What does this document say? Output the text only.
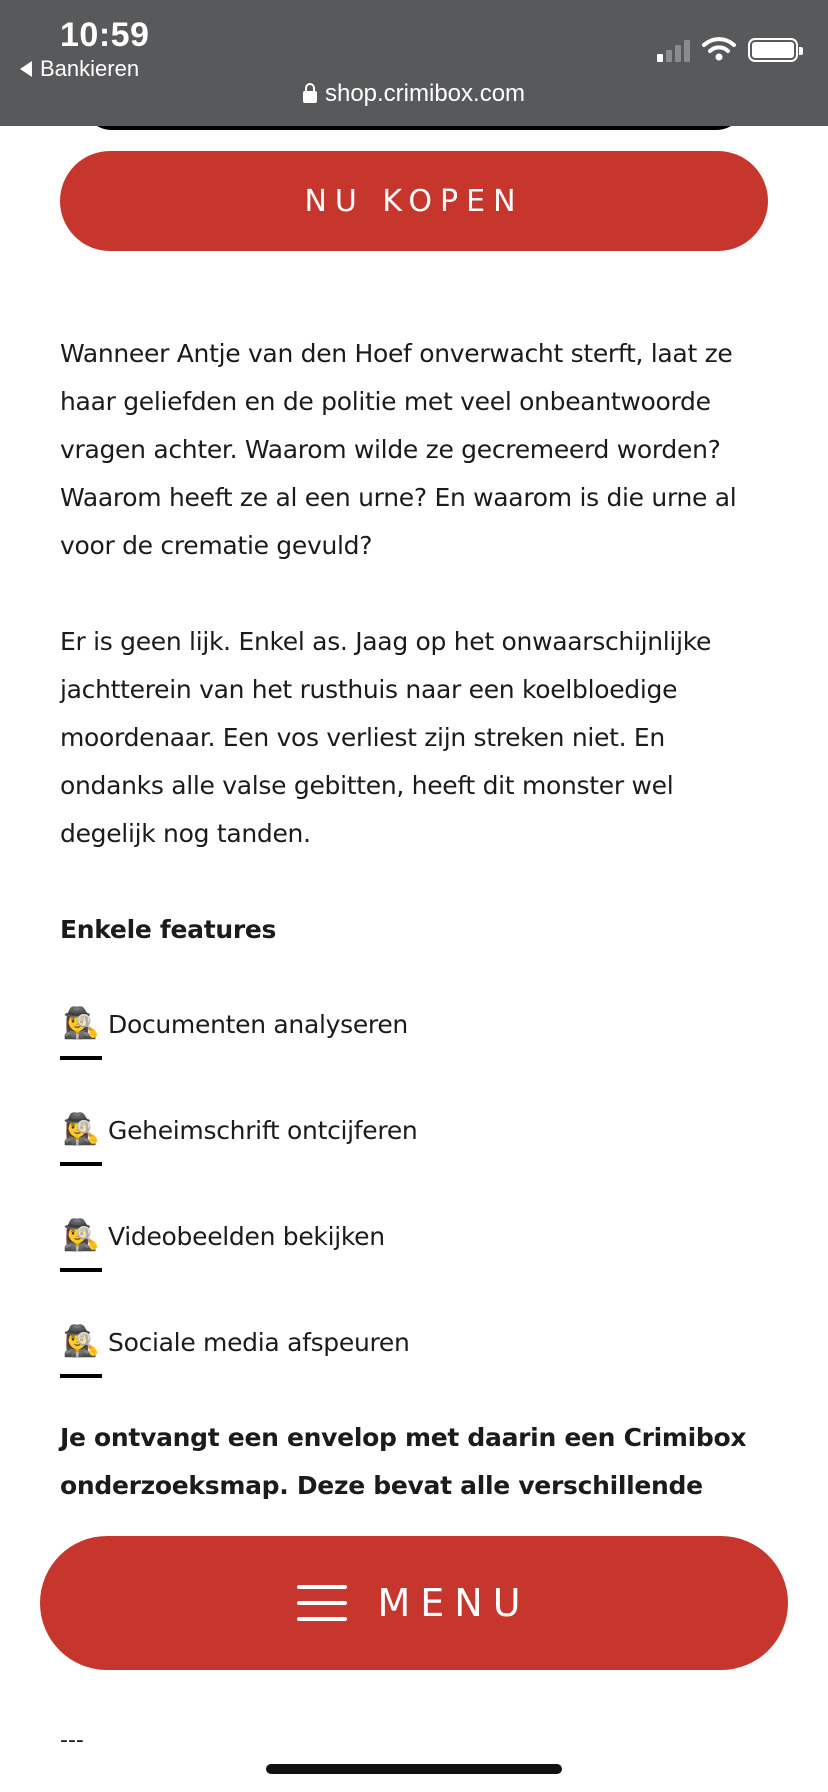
10:59
Bankieren
shop.crimibox.com
NU KOPEN

Wanneer Antje van den Hoef onverwacht sterft, laat ze haar geliefden en de politie met veel onbeantwoorde vragen achter. Waarom wilde ze gecremeerd worden? Waarom heeft ze al een urne? En waarom is die urne al voor de crematie gevuld?

Er is geen lijk. Enkel as. Jaag op het onwaarschijnlijke jachtterein van het rusthuis naar een koelbloedige moordenaar. Een vos verliest zijn streken niet. En ondanks alle valse gebitten, heeft dit monster wel degelijk nog tanden.

Enkele features
🕵️‍♀️ Documenten analyseren
🕵️‍♀️ Geheimschrift ontcijferen
🕵️‍♀️ Videobeelden bekijken
🕵️‍♀️ Sociale media afspeuren
Je ontvangt een envelop met daarin een Crimibox onderzoeksmap. Deze bevat alle verschillende
---
MENU
